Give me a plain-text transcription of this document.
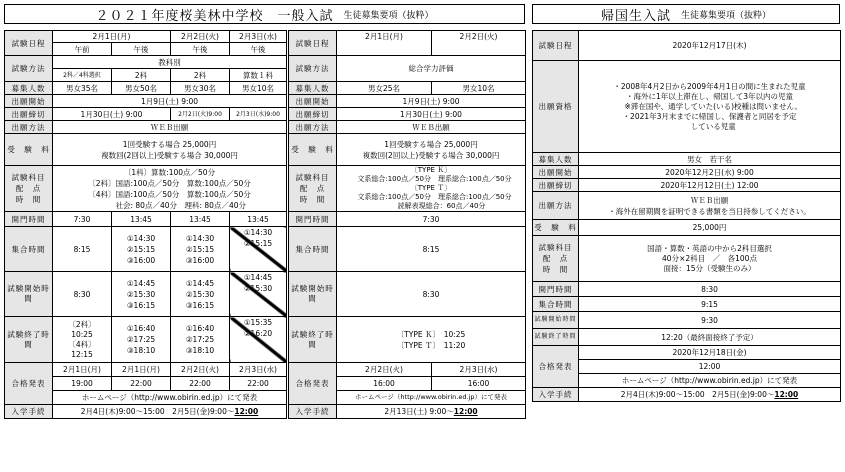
２０２１年度桜美林中学校　一般入試 生徒募集要項（抜粋）	帰国生入試 生徒募集要項（抜粋）
試験日程	2月1日(月)		2月2日(火)	2月3日(水)
	午前	午後	午後	午後
試験方法	教科別			
	2科／4科選択	2科	2科	算数１科
募集人数	男女35名	男女50名	男女30名	男女10名
出願開始	1月9日(土) 9:00			
出願締切	1月30日(土) 9:00		2月2日(火)9:00	2月3日(水)9:00
出願方法	ＷＥＢ出願			
受　験　料	1回受験する場合 25,000円
複数回(2回以上)受験する場合 30,000円			

試験科目
配　点
時　間	〔1科〕算数:100点／50分
〔2科〕国語:100点／50分　算数:100点／50分
〔4科〕国語:100点／50分　算数:100点／50分
　　　社会: 80点／40分　理科: 80点／40分			

開門時間	7:30	13:45	13:45	13:45
集合時間	8:15	①14:30
②15:15
③16:00	①14:30
②15:15
③16:00	①14:30
②15:15

試験開始時間	8:30	①14:45
②15:30
③16:15	①14:45
②15:30
③16:15	①14:45
②15:30

試験終了時間	〔2科〕
10:25
〔4科〕
12:15	①16:40
②17:25
③18:10	①16:40
②17:25
③18:10	①15:35
②16:20

合格発表	2月1日(月)	2月1日(月)	2月2日(火)	2月3日(水)
	19:00	22:00	22:00	22:00
	ホームページ（http://www.obirin.ed.jp）にて発表			
入学手続	2月4日(木)9:00～15:00　2月5日(金)9:00～12:00			
試験日程	2月1日(月)	2月2日(火)
試験方法	総合学力評価	
募集人数	男女25名	男女10名
出願開始	1月9日(土) 9:00	
出願締切	1月30日(土) 9:00	
出願方法	ＷＥＢ出願	
受　験　料	1回受験する場合 25,000円
複数回(2回以上)受験する場合 30,000円	

試験科目
配　点
時　間	〔TYPE Ｋ〕
　文系総合:100点／50分　理系総合:100点／50分
〔TYPE Ｔ〕
　文系総合:100点／50分　理系総合:100点／50分
　　　読解表現総合：60点／40分	

開門時間	7:30	
集合時間	8:15	
試験開始時間	8:30	
試験終了時間	〔TYPE Ｋ〕　10:25
〔TYPE Ｔ〕　11:20	

合格発表	2月2日(火)	2月3日(水)
	16:00	16:00
	ホームページ（http://www.obirin.ed.jp）にて発表	
入学手続	2月13日(土) 9:00～12:00	
試験日程	2020年12月17日(木)
出願資格	・2008年4月2日から2009年4月1日の間に生まれた児童
・海外に1年以上滞在し、帰国して3年以内の児童
　※滞在国や、通学していた(いる)校種は問いません。
・2021年3月末までに帰国し、保護者と同居を予定
　している児童

募集人数	男女　若干名
出願開始	2020年12月2日(水) 9:00
出願締切	2020年12月12日(土) 12:00
出願方法	ＷＥＢ出願
・海外在留期間を証明できる書類を当日持参してください。

受　験　料	25,000円

試験科目
配　点
時　間	国語・算数・英語の中から2科目選択
40分×2科目　／　各100点
面接：15分（受験生のみ）

開門時間	8:30
集合時間	9:15
試験開始時間	9:30
試験終了時間	12:20（最終面接終了予定）
合格発表	2020年12月18日(金)
	12:00
	ホームページ（http://www.obirin.ed.jp）にて発表
入学手続	2月4日(木)9:00～15:00　2月5日(金)9:00～12:00
